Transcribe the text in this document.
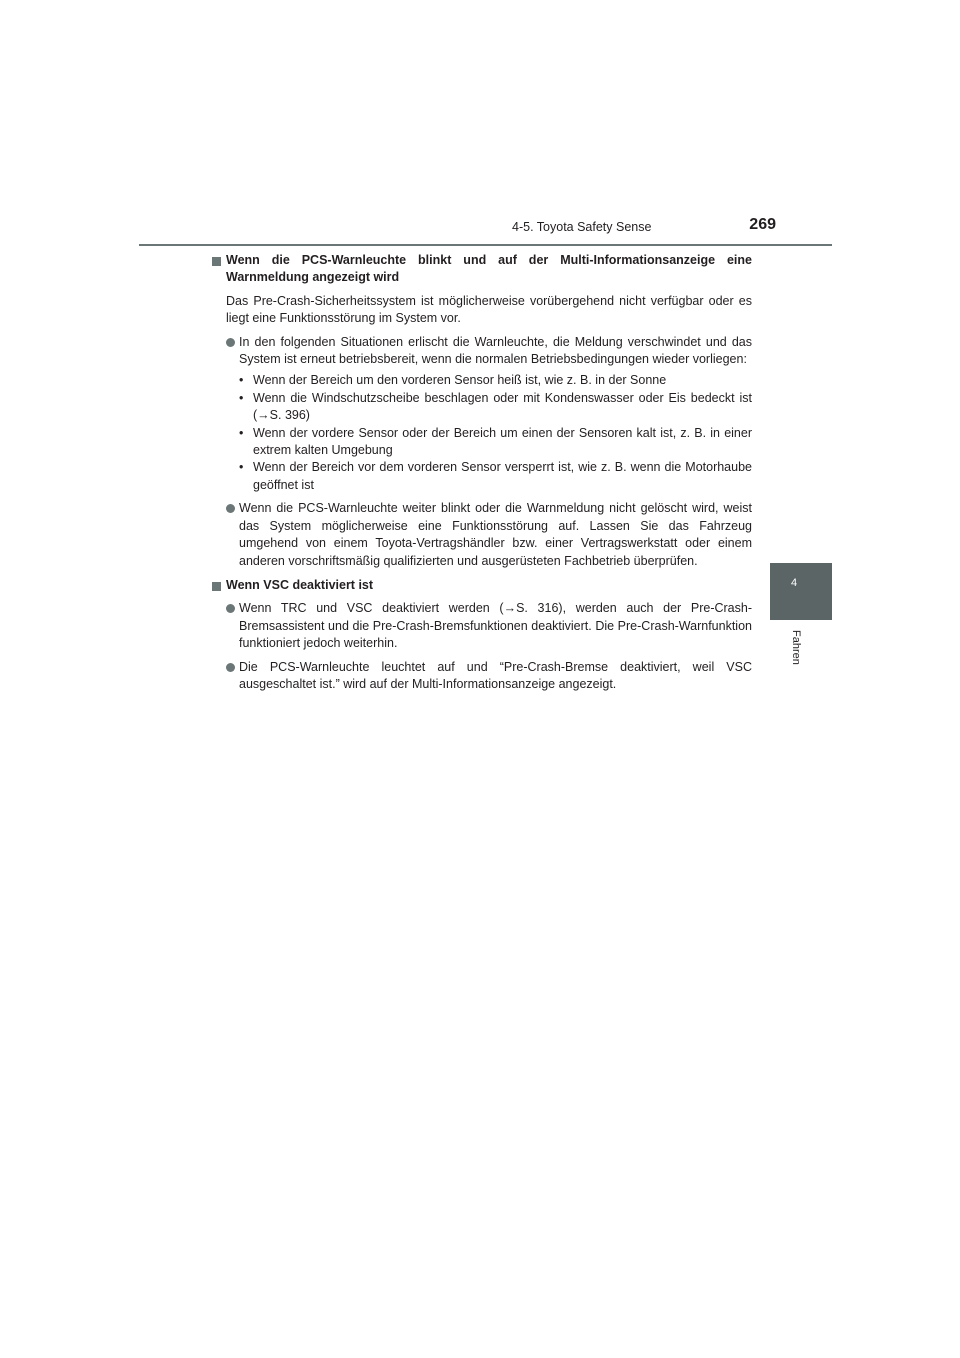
4-5. Toyota Safety Sense	269
4
Fahren

Wenn die PCS-Warnleuchte blinkt und auf der Multi-Informationsanzeige eine Warnmeldung angezeigt wird

Das Pre-Crash-Sicherheitssystem ist möglicherweise vorübergehend nicht verfügbar oder es liegt eine Funktionsstörung im System vor.

In den folgenden Situationen erlischt die Warnleuchte, die Meldung verschwindet und das System ist erneut betriebsbereit, wenn die normalen Betriebsbedingungen wieder vorliegen:
• Wenn der Bereich um den vorderen Sensor heiß ist, wie z. B. in der Sonne
• Wenn die Windschutzscheibe beschlagen oder mit Kondenswasser oder Eis bedeckt ist (→S. 396)
• Wenn der vordere Sensor oder der Bereich um einen der Sensoren kalt ist, z. B. in einer extrem kalten Umgebung
• Wenn der Bereich vor dem vorderen Sensor versperrt ist, wie z. B. wenn die Motorhaube geöffnet ist
Wenn die PCS-Warnleuchte weiter blinkt oder die Warnmeldung nicht gelöscht wird, weist das System möglicherweise eine Funktionsstörung auf. Lassen Sie das Fahrzeug umgehend von einem Toyota-Vertragshändler bzw. einer Vertragswerkstatt oder einem anderen vorschriftsmäßig qualifizierten und ausgerüsteten Fachbetrieb überprüfen.

Wenn VSC deaktiviert ist

Wenn TRC und VSC deaktiviert werden (→S. 316), werden auch der Pre-Crash-Bremsassistent und die Pre-Crash-Bremsfunktionen deaktiviert. Die Pre-Crash-Warnfunktion funktioniert jedoch weiterhin.
Die PCS-Warnleuchte leuchtet auf und “Pre-Crash-Bremse deaktiviert, weil VSC ausgeschaltet ist.” wird auf der Multi-Informationsanzeige angezeigt.
